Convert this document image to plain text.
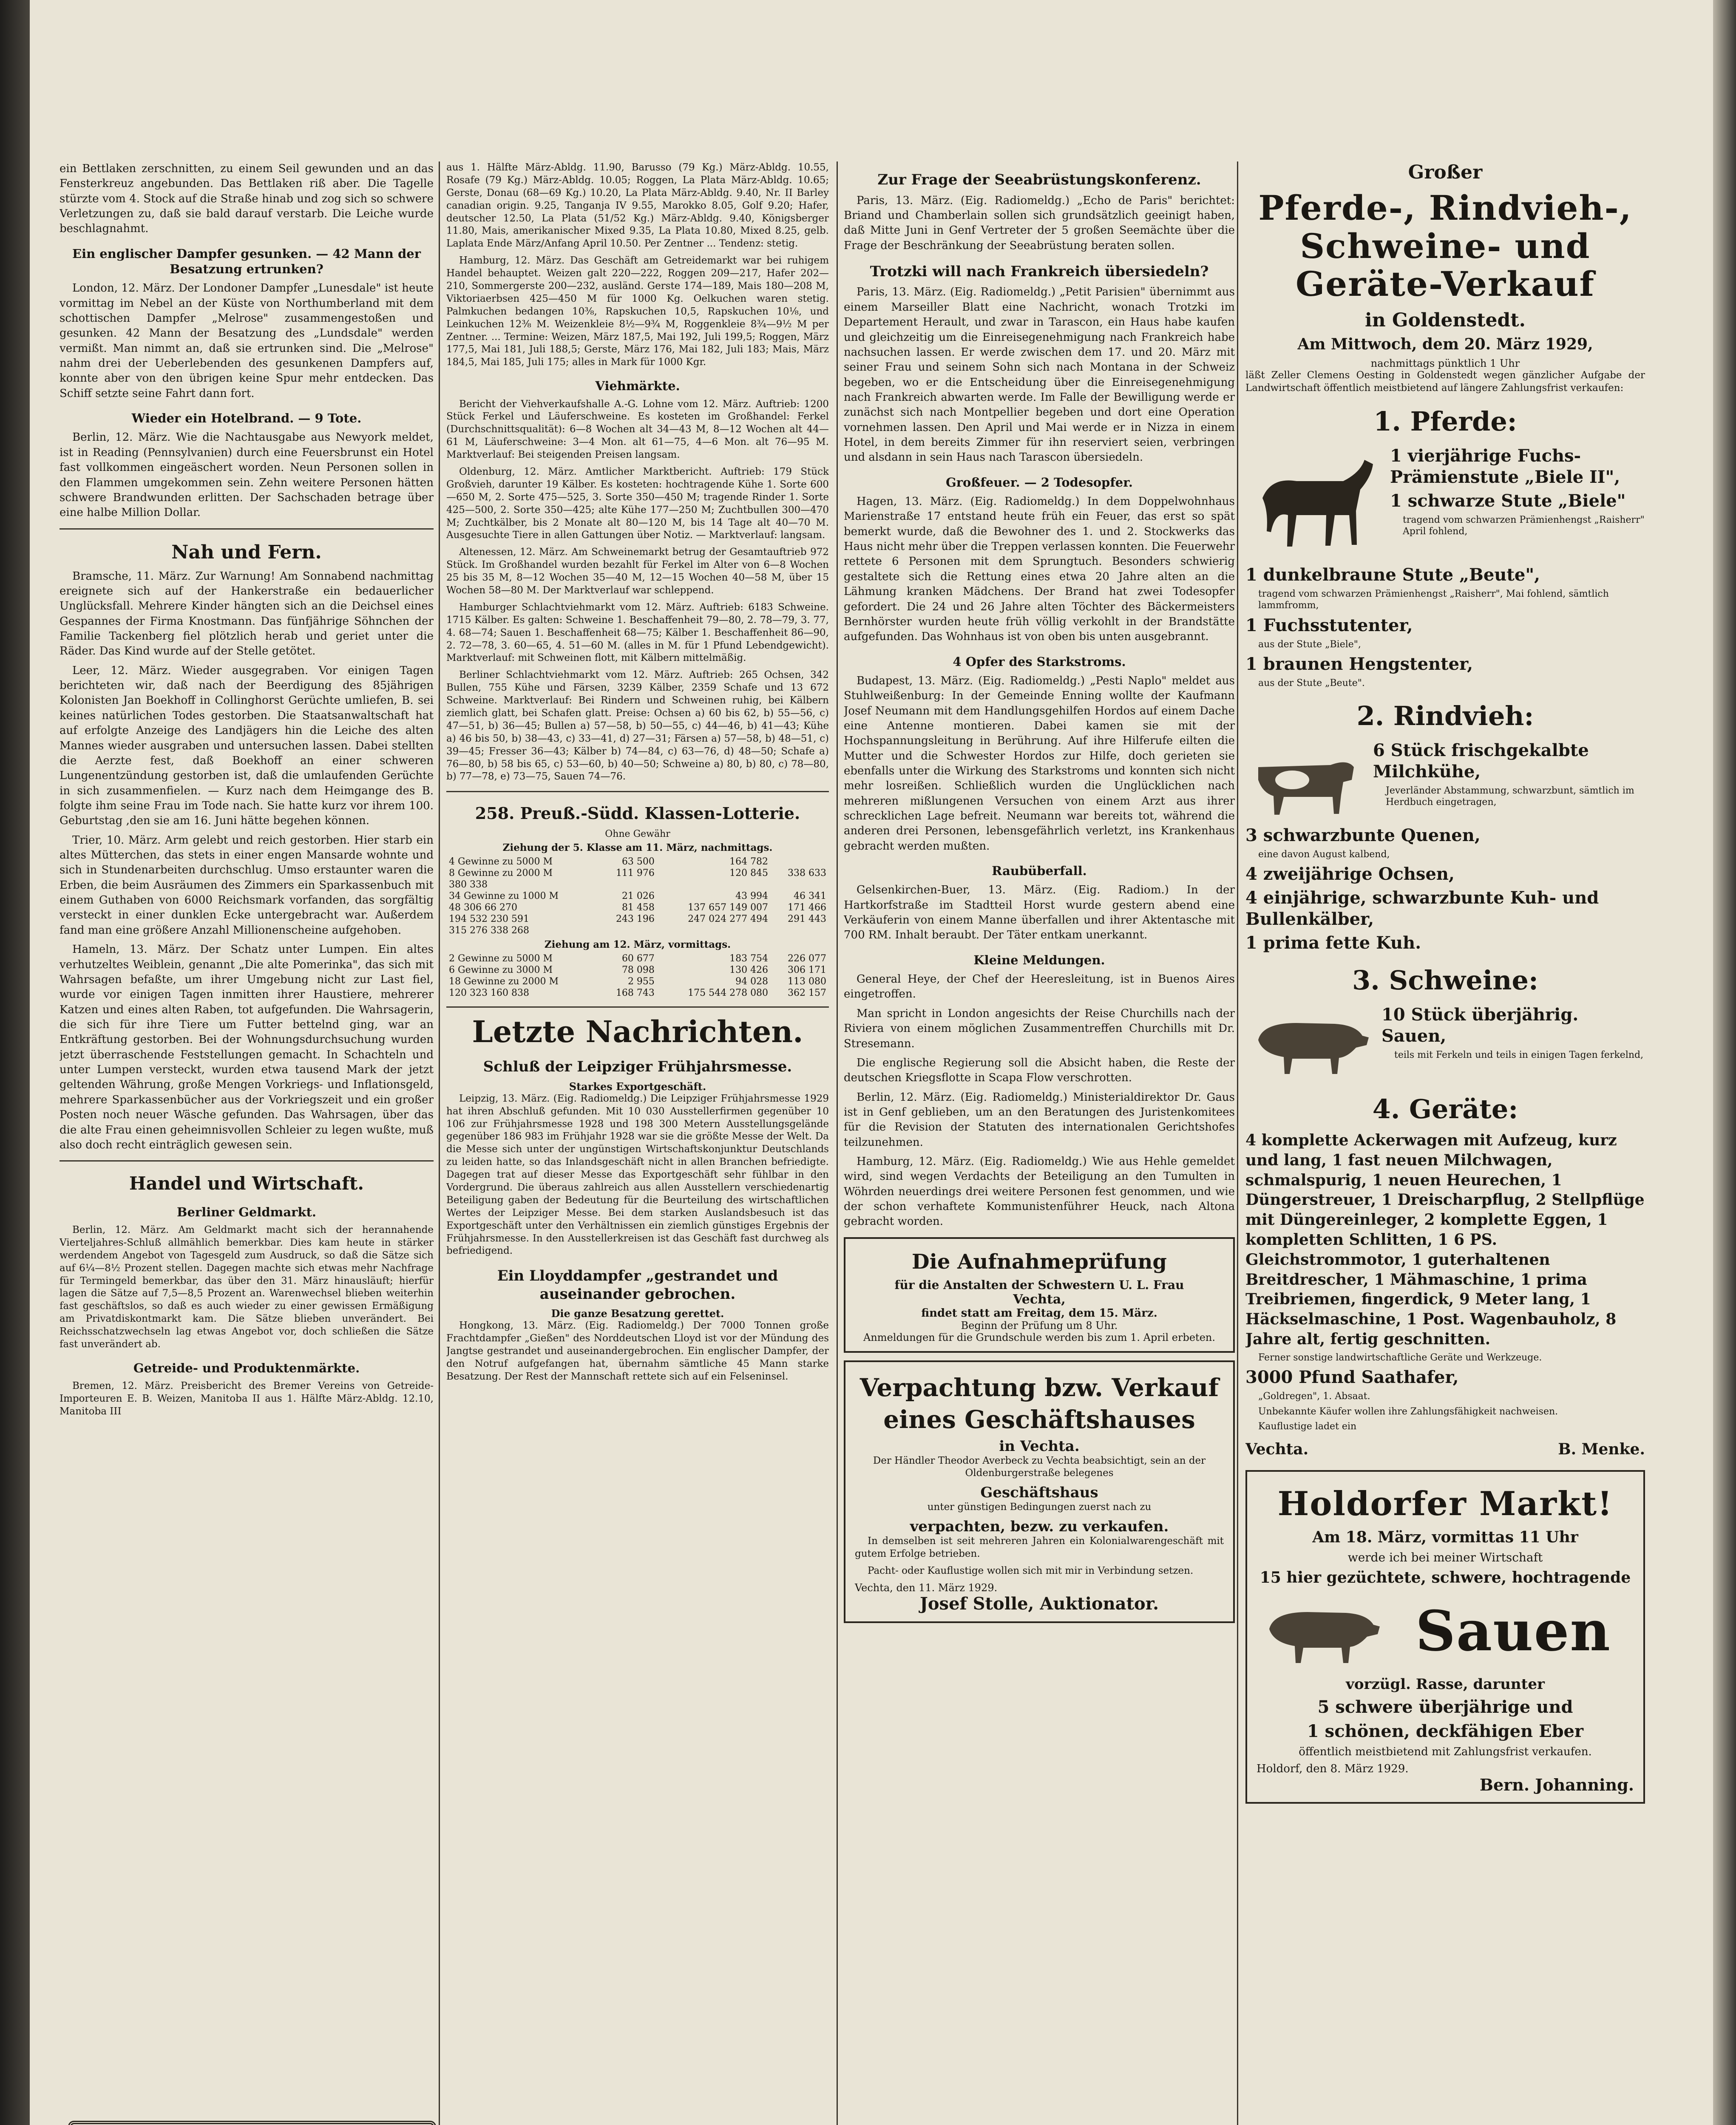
ein Bettlaken zerschnitten, zu einem Seil gewunden und an das Fensterkreuz angebunden. Das Bettlaken riß aber. Die Tagelle stürzte vom 4. Stock auf die Straße hinab und zog sich so schwere Verletzungen zu, daß sie bald darauf verstarb. Die Leiche wurde beschlagnahmt.

Ein englischer Dampfer gesunken. — 42 Mann der Besatzung ertrunken?

London, 12. März. Der Londoner Dampfer „Lunesdale" ist heute vormittag im Nebel an der Küste von Northumberland mit dem schottischen Dampfer „Melrose" zusammengestoßen und gesunken. 42 Mann der Besatzung des „Lundsdale" werden vermißt. Man nimmt an, daß sie ertrunken sind. Die „Melrose" nahm drei der Ueberlebenden des gesunkenen Dampfers auf, konnte aber von den übrigen keine Spur mehr entdecken. Das Schiff setzte seine Fahrt dann fort.

Wieder ein Hotelbrand. — 9 Tote.

Berlin, 12. März. Wie die Nachtausgabe aus Newyork meldet, ist in Reading (Pennsylvanien) durch eine Feuersbrunst ein Hotel fast vollkommen eingeäschert worden. Neun Personen sollen in den Flammen umgekommen sein. Zehn weitere Personen hätten schwere Brandwunden erlitten. Der Sachschaden betrage über eine halbe Million Dollar.

Nah und Fern.

Bramsche, 11. März. Zur Warnung! Am Sonnabend nachmittag ereignete sich auf der Hankerstraße ein bedauerlicher Unglücksfall. Mehrere Kinder hängten sich an die Deichsel eines Gespannes der Firma Knostmann. Das fünfjährige Söhnchen der Familie Tackenberg fiel plötzlich herab und geriet unter die Räder. Das Kind wurde auf der Stelle getötet.

Leer, 12. März. Wieder ausgegraben. Vor einigen Tagen berichteten wir, daß nach der Beerdigung des 85jährigen Kolonisten Jan Boekhoff in Collinghorst Gerüchte umliefen, B. sei keines natürlichen Todes gestorben. Die Staatsanwaltschaft hat auf erfolgte Anzeige des Landjägers hin die Leiche des alten Mannes wieder ausgraben und untersuchen lassen. Dabei stellten die Aerzte fest, daß Boekhoff an einer schweren Lungenentzündung gestorben ist, daß die umlaufenden Gerüchte in sich zusammenfielen. — Kurz nach dem Heimgange des B. folgte ihm seine Frau im Tode nach. Sie hatte kurz vor ihrem 100. Geburtstag ,den sie am 16. Juni hätte begehen können.

Trier, 10. März. Arm gelebt und reich gestorben. Hier starb ein altes Mütterchen, das stets in einer engen Mansarde wohnte und sich in Stundenarbeiten durchschlug. Umso erstaunter waren die Erben, die beim Ausräumen des Zimmers ein Sparkassenbuch mit einem Guthaben von 6000 Reichsmark vorfanden, das sorgfältig versteckt in einer dunklen Ecke untergebracht war. Außerdem fand man eine größere Anzahl Millionenscheine aufgehoben.

Hameln, 13. März. Der Schatz unter Lumpen. Ein altes verhutzeltes Weiblein, genannt „Die alte Pomerinka", das sich mit Wahrsagen befaßte, um ihrer Umgebung nicht zur Last fiel, wurde vor einigen Tagen inmitten ihrer Haustiere, mehrerer Katzen und eines alten Raben, tot aufgefunden. Die Wahrsagerin, die sich für ihre Tiere um Futter bettelnd ging, war an Entkräftung gestorben. Bei der Wohnungsdurchsuchung wurden jetzt überraschende Feststellungen gemacht. In Schachteln und unter Lumpen versteckt, wurden etwa tausend Mark der jetzt geltenden Währung, große Mengen Vorkriegs- und Inflationsgeld, mehrere Sparkassenbücher aus der Vorkriegszeit und ein großer Posten noch neuer Wäsche gefunden. Das Wahrsagen, über das die alte Frau einen geheimnisvollen Schleier zu legen wußte, muß also doch recht einträglich gewesen sein.

Handel und Wirtschaft.
Berliner Geldmarkt.

Berlin, 12. März. Am Geldmarkt macht sich der herannahende Vierteljahres-Schluß allmählich bemerkbar. Dies kam heute in stärker werdendem Angebot von Tagesgeld zum Ausdruck, so daß die Sätze sich auf 6¼—8½ Prozent stellen. Dagegen machte sich etwas mehr Nachfrage für Termingeld bemerkbar, das über den 31. März hinausläuft; hierfür lagen die Sätze auf 7,5—8,5 Prozent an. Warenwechsel blieben weiterhin fast geschäftslos, so daß es auch wieder zu einer gewissen Ermäßigung am Privatdiskontmarkt kam. Die Sätze blieben unverändert. Bei Reichsschatzwechseln lag etwas Angebot vor, doch schließen die Sätze fast unverändert ab.

Getreide- und Produktenmärkte.

Bremen, 12. März. Preisbericht des Bremer Vereins von Getreide-Importeuren E. B. Weizen, Manitoba II aus 1. Hälfte März-Abldg. 12.10, Manitoba III

aus 1. Hälfte März-Abldg. 11.90, Barusso (79 Kg.) März-Abldg. 10.55, Rosafe (79 Kg.) März-Abldg. 10.05; Roggen, La Plata März-Abldg. 10.65; Gerste, Donau (68—69 Kg.) 10.20, La Plata März-Abldg. 9.40, Nr. II Barley canadian origin. 9.25, Tanganja IV 9.55, Marokko 8.05, Golf 9.20; Hafer, deutscher 12.50, La Plata (51/52 Kg.) März-Abldg. 9.40, Königsberger 11.80, Mais, amerikanischer Mixed 9.35, La Plata 10.80, Mixed 8.25, gelb. Laplata Ende März/Anfang April 10.50. Per Zentner ... Tendenz: stetig.

Hamburg, 12. März. Das Geschäft am Getreidemarkt war bei ruhigem Handel behauptet. Weizen galt 220—222, Roggen 209—217, Hafer 202—210, Sommergerste 200—232, ausländ. Gerste 174—189, Mais 180—208 M, Viktoriaerbsen 425—450 M für 1000 Kg. Oelkuchen waren stetig. Palmkuchen bedangen 10⅜, Rapskuchen 10,5, Rapskuchen 10⅛, und Leinkuchen 12⅜ M. Weizenkleie 8½—9¾ M, Roggenkleie 8¾—9½ M per Zentner. ... Termine: Weizen, März 187,5, Mai 192, Juli 199,5; Roggen, März 177,5, Mai 181, Juli 188,5; Gerste, März 176, Mai 182, Juli 183; Mais, März 184,5, Mai 185, Juli 175; alles in Mark für 1000 Kgr.

Viehmärkte.

Bericht der Viehverkaufshalle A.-G. Lohne vom 12. März. Auftrieb: 1200 Stück Ferkel und Läuferschweine. Es kosteten im Großhandel: Ferkel (Durchschnittsqualität): 6—8 Wochen alt 34—43 M, 8—12 Wochen alt 44—61 M, Läuferschweine: 3—4 Mon. alt 61—75, 4—6 Mon. alt 76—95 M. Marktverlauf: Bei steigenden Preisen langsam.

Oldenburg, 12. März. Amtlicher Marktbericht. Auftrieb: 179 Stück Großvieh, darunter 19 Kälber. Es kosteten: hochtragende Kühe 1. Sorte 600—650 M, 2. Sorte 475—525, 3. Sorte 350—450 M; tragende Rinder 1. Sorte 425—500, 2. Sorte 350—425; alte Kühe 177—250 M; Zuchtbullen 300—470 M; Zuchtkälber, bis 2 Monate alt 80—120 M, bis 14 Tage alt 40—70 M. Ausgesuchte Tiere in allen Gattungen über Notiz. — Marktverlauf: langsam.

Altenessen, 12. März. Am Schweinemarkt betrug der Gesamtauftrieb 972 Stück. Im Großhandel wurden bezahlt für Ferkel im Alter von 6—8 Wochen 25 bis 35 M, 8—12 Wochen 35—40 M, 12—15 Wochen 40—58 M, über 15 Wochen 58—80 M. Der Marktverlauf war schleppend.

Hamburger Schlachtviehmarkt vom 12. März. Auftrieb: 6183 Schweine. 1715 Kälber. Es galten: Schweine 1. Beschaffenheit 79—80, 2. 78—79, 3. 77, 4. 68—74; Sauen 1. Beschaffenheit 68—75; Kälber 1. Beschaffenheit 86—90, 2. 72—78, 3. 60—65, 4. 51—60 M. (alles in M. für 1 Pfund Lebendgewicht). Marktverlauf: mit Schweinen flott, mit Kälbern mittelmäßig.

Berliner Schlachtviehmarkt vom 12. März. Auftrieb: 265 Ochsen, 342 Bullen, 755 Kühe und Färsen, 3239 Kälber, 2359 Schafe und 13 672 Schweine. Marktverlauf: Bei Rindern und Schweinen ruhig, bei Kälbern ziemlich glatt, bei Schafen glatt. Preise: Ochsen a) 60 bis 62, b) 55—56, c) 47—51, b) 36—45; Bullen a) 57—58, b) 50—55, c) 44—46, b) 41—43; Kühe a) 46 bis 50, b) 38—43, c) 33—41, d) 27—31; Färsen a) 57—58, b) 48—51, c) 39—45; Fresser 36—43; Kälber b) 74—84, c) 63—76, d) 48—50; Schafe a) 76—80, b) 58 bis 65, c) 53—60, b) 40—50; Schweine a) 80, b) 80, c) 78—80, b) 77—78, e) 73—75, Sauen 74—76.

258. Preuß.-Südd. Klassen-Lotterie.
Ohne Gewähr
Ziehung der 5. Klasse am 11. März, nachmittags.
4 Gewinne zu 5000 M	63 500	164 782	
8 Gewinne zu 2000 M	111 976	120 845	338 633
380 338			
34 Gewinne zu 1000 M	21 026	43 994	46 341
48 306 66 270	81 458	137 657 149 007	171 466
194 532 230 591	243 196	247 024 277 494	291 443
315 276 338 268			
Ziehung am 12. März, vormittags.
2 Gewinne zu 5000 M	60 677	183 754	226 077
6 Gewinne zu 3000 M	78 098	130 426	306 171
18 Gewinne zu 2000 M	2 955	94 028	113 080
120 323 160 838	168 743	175 544 278 080	362 157
Letzte Nachrichten.
Schluß der Leipziger Frühjahrsmesse.
Starkes Exportgeschäft.

Leipzig, 13. März. (Eig. Radiomeldg.) Die Leipziger Frühjahrsmesse 1929 hat ihren Abschluß gefunden. Mit 10 030 Ausstellerfirmen gegenüber 10 106 zur Frühjahrsmesse 1928 und 198 300 Metern Ausstellungsgelände gegenüber 186 983 im Frühjahr 1928 war sie die größte Messe der Welt. Da die Messe sich unter der ungünstigen Wirtschaftskonjunktur Deutschlands zu leiden hatte, so das Inlandsgeschäft nicht in allen Branchen befriedigte. Dagegen trat auf dieser Messe das Exportgeschäft sehr fühlbar in den Vordergrund. Die überaus zahlreich aus allen Ausstellern verschiedenartig Beteiligung gaben der Bedeutung für die Beurteilung des wirtschaftlichen Wertes der Leipziger Messe. Bei dem starken Auslandsbesuch ist das Exportgeschäft unter den Verhältnissen ein ziemlich günstiges Ergebnis der Frühjahrsmesse. In den Ausstellerkreisen ist das Geschäft fast durchweg als befriedigend.

Ein Lloyddampfer „gestrandet und auseinander gebrochen.
Die ganze Besatzung gerettet.

Hongkong, 13. März. (Eig. Radiomeldg.) Der 7000 Tonnen große Frachtdampfer „Gießen" des Norddeutschen Lloyd ist vor der Mündung des Jangtse gestrandet und auseinandergebrochen. Ein englischer Dampfer, der den Notruf aufgefangen hat, übernahm sämtliche 45 Mann starke Besatzung. Der Rest der Mannschaft rettete sich auf ein Felseninsel.

Zur Frage der Seeabrüstungskonferenz.

Paris, 13. März. (Eig. Radiomeldg.) „Echo de Paris" berichtet: Briand und Chamberlain sollen sich grundsätzlich geeinigt haben, daß Mitte Juni in Genf Vertreter der 5 großen Seemächte über die Frage der Beschränkung der Seeabrüstung beraten sollen.

Trotzki will nach Frankreich übersiedeln?

Paris, 13. März. (Eig. Radiomeldg.) „Petit Parisien" übernimmt aus einem Marseiller Blatt eine Nachricht, wonach Trotzki im Departement Herault, und zwar in Tarascon, ein Haus habe kaufen und gleichzeitig um die Einreisegenehmigung nach Frankreich habe nachsuchen lassen. Er werde zwischen dem 17. und 20. März mit seiner Frau und seinem Sohn sich nach Montana in der Schweiz begeben, wo er die Entscheidung über die Einreisegenehmigung nach Frankreich abwarten werde. Im Falle der Bewilligung werde er zunächst sich nach Montpellier begeben und dort eine Operation vornehmen lassen. Den April und Mai werde er in Nizza in einem Hotel, in dem bereits Zimmer für ihn reserviert seien, verbringen und alsdann in sein Haus nach Tarascon übersiedeln.

Großfeuer. — 2 Todesopfer.

Hagen, 13. März. (Eig. Radiomeldg.) In dem Doppelwohnhaus Marienstraße 17 entstand heute früh ein Feuer, das erst so spät bemerkt wurde, daß die Bewohner des 1. und 2. Stockwerks das Haus nicht mehr über die Treppen verlassen konnten. Die Feuerwehr rettete 6 Personen mit dem Sprungtuch. Besonders schwierig gestaltete sich die Rettung eines etwa 20 Jahre alten an die Lähmung kranken Mädchens. Der Brand hat zwei Todesopfer gefordert. Die 24 und 26 Jahre alten Töchter des Bäckermeisters Bernhörster wurden heute früh völlig verkohlt in der Brandstätte aufgefunden. Das Wohnhaus ist von oben bis unten ausgebrannt.

4 Opfer des Starkstroms.

Budapest, 13. März. (Eig. Radiomeldg.) „Pesti Naplo" meldet aus Stuhlweißenburg: In der Gemeinde Enning wollte der Kaufmann Josef Neumann mit dem Handlungsgehilfen Hordos auf einem Dache eine Antenne montieren. Dabei kamen sie mit der Hochspannungsleitung in Berührung. Auf ihre Hilferufe eilten die Mutter und die Schwester Hordos zur Hilfe, doch gerieten sie ebenfalls unter die Wirkung des Starkstroms und konnten sich nicht mehr losreißen. Schließlich wurden die Unglücklichen nach mehreren mißlungenen Versuchen von einem Arzt aus ihrer schrecklichen Lage befreit. Neumann war bereits tot, während die anderen drei Personen, lebensgefährlich verletzt, ins Krankenhaus gebracht werden mußten.

Raubüberfall.

Gelsenkirchen-Buer, 13. März. (Eig. Radiom.) In der Hartkorfstraße im Stadtteil Horst wurde gestern abend eine Verkäuferin von einem Manne überfallen und ihrer Aktentasche mit 700 RM. Inhalt beraubt. Der Täter entkam unerkannt.

Kleine Meldungen.

General Heye, der Chef der Heeresleitung, ist in Buenos Aires eingetroffen.

Man spricht in London angesichts der Reise Churchills nach der Riviera von einem möglichen Zusammentreffen Churchills mit Dr. Stresemann.

Die englische Regierung soll die Absicht haben, die Reste der deutschen Kriegsflotte in Scapa Flow verschrotten.

Berlin, 12. März. (Eig. Radiomeldg.) Ministerialdirektor Dr. Gaus ist in Genf geblieben, um an den Beratungen des Juristenkomitees für die Revision der Statuten des internationalen Gerichtshofes teilzunehmen.

Hamburg, 12. März. (Eig. Radiomeldg.) Wie aus Hehle gemeldet wird, sind wegen Verdachts der Beteiligung an den Tumulten in Wöhrden neuerdings drei weitere Personen fest genommen, und wie der schon verhaftete Kommunistenführer Heuck, nach Altona gebracht worden.

Die Aufnahmeprüfung
für die Anstalten der Schwestern U. L. Frau
Vechta,
findet statt am Freitag, dem 15. März.
Beginn der Prüfung um 8 Uhr.
Anmeldungen für die Grundschule werden bis zum 1. April erbeten.
Verpachtung bzw. Verkauf
eines Geschäftshauses
in Vechta.

Der Händler Theodor Averbeck zu Vechta beabsichtigt, sein an der Oldenburgerstraße belegenes

Geschäftshaus

unter günstigen Bedingungen zuerst nach zu

verpachten, bezw. zu verkaufen.

In demselben ist seit mehreren Jahren ein Kolonialwarengeschäft mit gutem Erfolge betrieben.

Pacht- oder Kauflustige wollen sich mit mir in Verbindung setzen.

Vechta, den 11. März 1929.
Josef Stolle, Auktionator.
Großer
Pferde-, Rindvieh-, Schweine- und Geräte-Verkauf
in Goldenstedt.
Am Mittwoch, dem 20. März 1929,
nachmittags pünktlich 1 Uhr

läßt Zeller Clemens Oesting in Goldenstedt wegen gänzlicher Aufgabe der Landwirtschaft öffentlich meistbietend auf längere Zahlungsfrist verkaufen:

1. Pferde:
1 vierjährige Fuchs-Prämienstute „Biele II",
1 schwarze Stute „Biele"
tragend vom schwarzen Prämienhengst „Raisherr" April fohlend,
1 dunkelbraune Stute „Beute",
tragend vom schwarzen Prämienhengst „Raisherr", Mai fohlend, sämtlich lammfromm,
1 Fuchsstutenter,
aus der Stute „Biele",
1 braunen Hengstenter,
aus der Stute „Beute".
2. Rindvieh:
6 Stück frischgekalbte Milchkühe,
Jeverländer Abstammung, schwarzbunt, sämtlich im Herdbuch eingetragen,
3 schwarzbunte Quenen,
eine davon August kalbend,
4 zweijährige Ochsen,
4 einjährige, schwarzbunte Kuh- und Bullenkälber,
1 prima fette Kuh.
3. Schweine:
10 Stück überjährig. Sauen,
teils mit Ferkeln und teils in einigen Tagen ferkelnd,
4. Geräte:
4 komplette Ackerwagen mit Aufzeug, kurz und lang, 1 fast neuen Milchwagen, schmalspurig, 1 neuen Heurechen, 1 Düngerstreuer, 1 Dreischarpflug, 2 Stellpflüge mit Düngereinleger, 2 komplette Eggen, 1 kompletten Schlitten, 1 6 PS. Gleichstrommotor, 1 guterhaltenen Breitdrescher, 1 Mähmaschine, 1 prima Treibriemen, fingerdick, 9 Meter lang, 1 Häckselmaschine, 1 Post. Wagenbauholz, 8 Jahre alt, fertig geschnitten.
Ferner sonstige landwirtschaftliche Geräte und Werkzeuge.
3000 Pfund Saathafer,
„Goldregen", 1. Absaat.
Unbekannte Käufer wollen ihre Zahlungsfähigkeit nachweisen.
Kauflustige ladet ein
Vechta.	B. Menke.
Holdorfer Markt!
Am 18. März, vormittas 11 Uhr
werde ich bei meiner Wirtschaft
15 hier gezüchtete, schwere, hochtragende
Sauen
vorzügl. Rasse, darunter
5 schwere überjährige und
1 schönen, deckfähigen Eber
öffentlich meistbietend mit Zahlungsfrist verkaufen.
Holdorf, den 8. März 1929.
Bern. Johanning.
